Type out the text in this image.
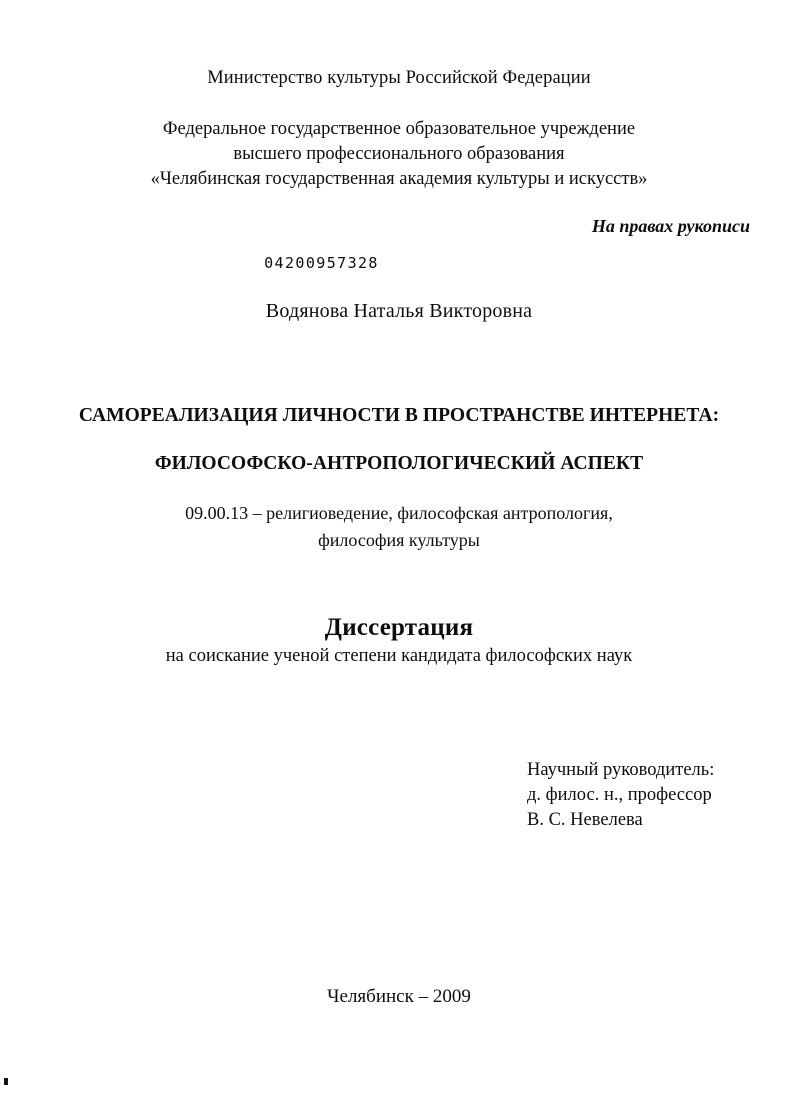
Министерство культуры Российской Федерации
Федеральное государственное образовательное учреждение
высшего профессионального образования
«Челябинская государственная академия культуры и искусств»
На правах рукописи
04200957328
Водянова Наталья Викторовна
САМОРЕАЛИЗАЦИЯ ЛИЧНОСТИ В ПРОСТРАНСТВЕ ИНТЕРНЕТА:
ФИЛОСОФСКО-АНТРОПОЛОГИЧЕСКИЙ АСПЕКТ
09.00.13 – религиоведение, философская антропология,
философия культуры
Диссертация
на соискание ученой степени кандидата философских наук
Научный руководитель:
д. филос. н., профессор
В. С. Невелева
Челябинск – 2009
